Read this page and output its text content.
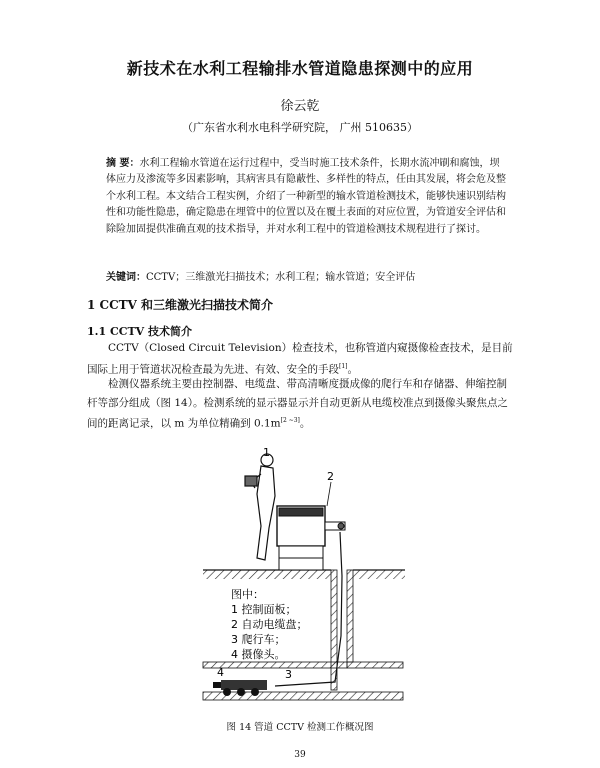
新技术在水利工程输排水管道隐患探测中的应用
徐云乾
（广东省水利水电科学研究院， 广州 510635）
摘 要：水利工程输水管道在运行过程中，受当时施工技术条件，长期水流冲刷和腐蚀，坝体应力及渗流等多因素影响，其病害具有隐蔽性、多样性的特点，任由其发展，将会危及整个水利工程。本文结合工程实例，介绍了一种新型的输水管道检测技术，能够快速识别结构性和功能性隐患，确定隐患在埋管中的位置以及在覆土表面的对应位置，为管道安全评估和除险加固提供准确直观的技术指导，并对水利工程中的管道检测技术规程进行了探讨。
关键词：CCTV；三维激光扫描技术；水利工程；输水管道；安全评估
1 CCTV 和三维激光扫描技术简介
1.1 CCTV 技术简介
　　CCTV（Closed Circuit Television）检查技术，也称管道内窥摄像检查技术，是目前国际上用于管道状况检查最为先进、有效、安全的手段[1]。
　　检测仪器系统主要由控制器、电缆盘、带高清晰度摄成像的爬行车和存储器、伸缩控制杆等部分组成（图 14）。检测系统的显示器显示并自动更新从电缆校准点到摄像头聚焦点之间的距离记录，以 m 为单位精确到 0.1m[2 ~3]。
1
2
3
4
图中：
1 控制面板；
2 自动电缆盘；
3 爬行车；
4 摄像头。
图 14 管道 CCTV 检测工作概况图
39
